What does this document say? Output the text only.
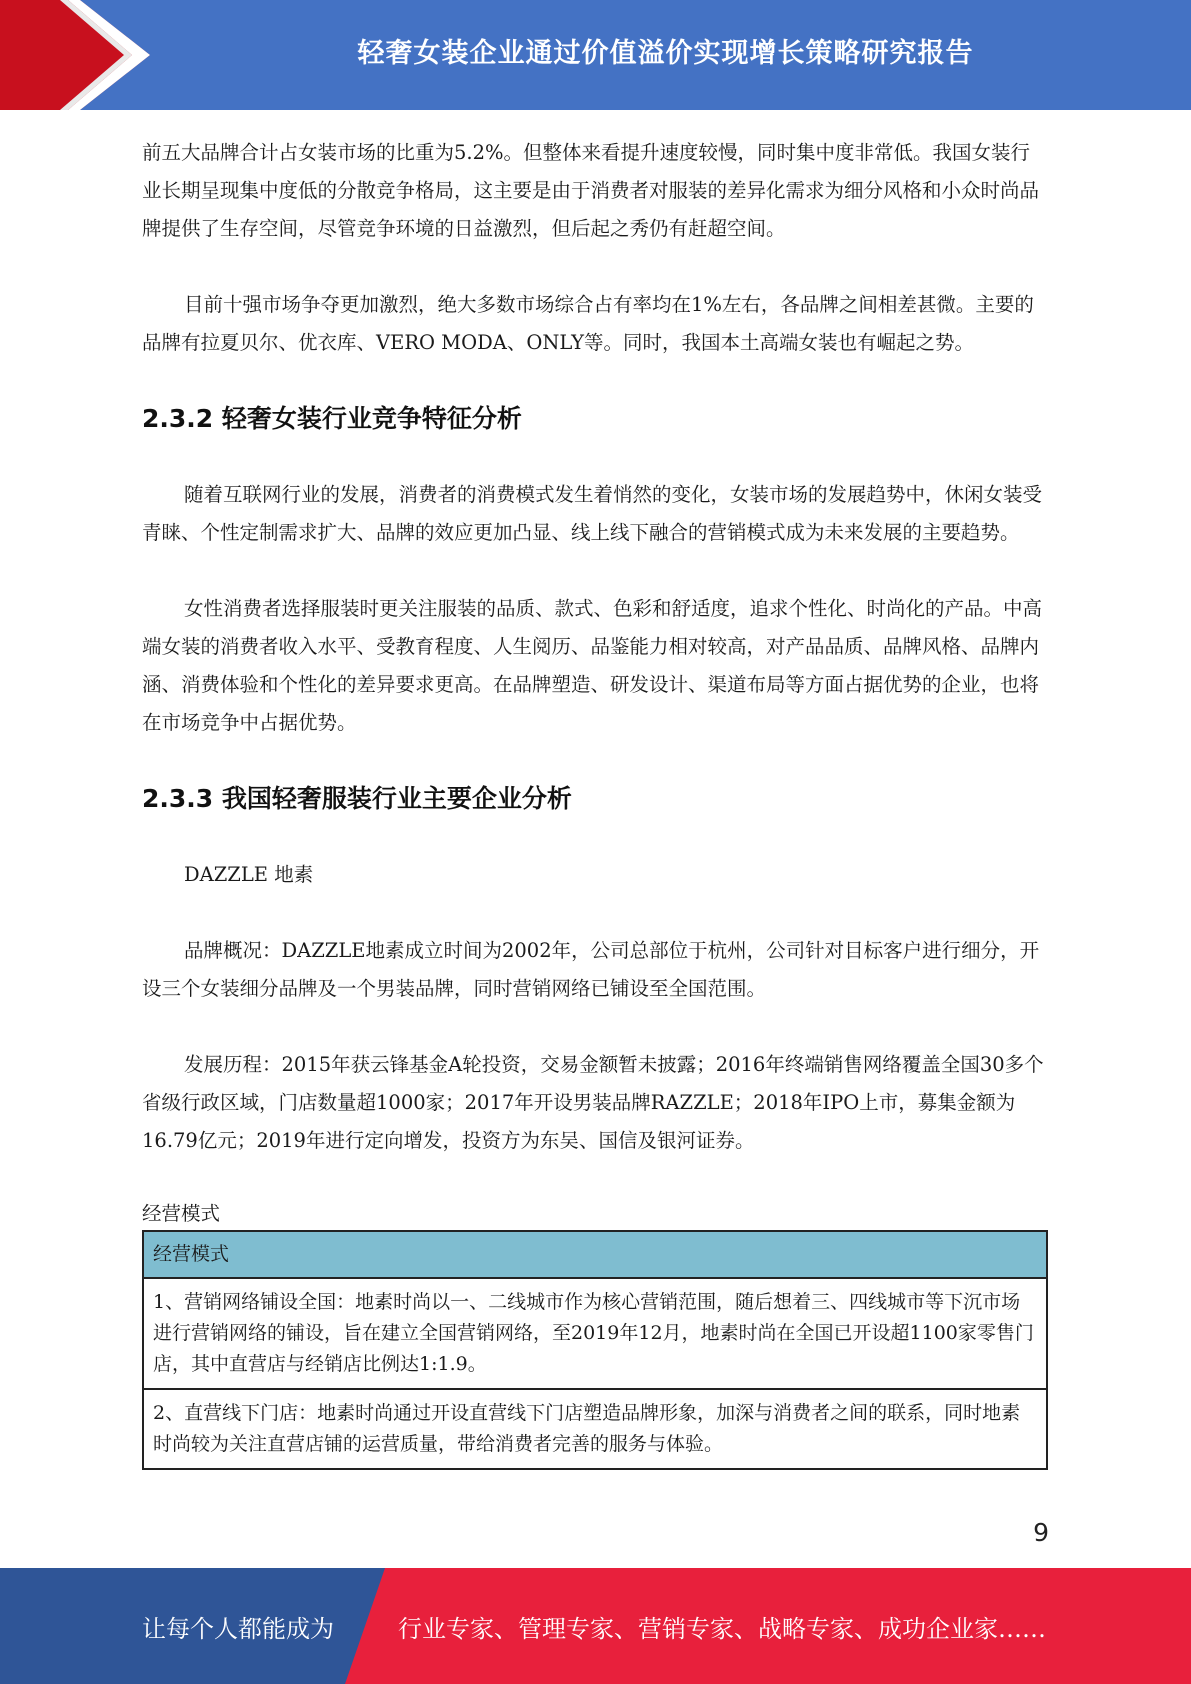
轻奢女装企业通过价值溢价实现增长策略研究报告

前五大品牌合计占女装市场的比重为5.2%。但整体来看提升速度较慢，同时集中度非常低。我国女装行业长期呈现集中度低的分散竞争格局，这主要是由于消费者对服装的差异化需求为细分风格和小众时尚品牌提供了生存空间，尽管竞争环境的日益激烈，但后起之秀仍有赶超空间。

目前十强市场争夺更加激烈，绝大多数市场综合占有率均在1%左右，各品牌之间相差甚微。主要的品牌有拉夏贝尔、优衣库、VERO MODA、ONLY等。同时，我国本土高端女装也有崛起之势。

2.3.2 轻奢女装行业竞争特征分析

随着互联网行业的发展，消费者的消费模式发生着悄然的变化，女装市场的发展趋势中，休闲女装受青睐、个性定制需求扩大、品牌的效应更加凸显、线上线下融合的营销模式成为未来发展的主要趋势。

女性消费者选择服装时更关注服装的品质、款式、色彩和舒适度，追求个性化、时尚化的产品。中高端女装的消费者收入水平、受教育程度、人生阅历、品鉴能力相对较高，对产品品质、品牌风格、品牌内涵、消费体验和个性化的差异要求更高。在品牌塑造、研发设计、渠道布局等方面占据优势的企业，也将在市场竞争中占据优势。

2.3.3 我国轻奢服装行业主要企业分析

DAZZLE 地素

品牌概况：DAZZLE地素成立时间为2002年，公司总部位于杭州，公司针对目标客户进行细分，开设三个女装细分品牌及一个男装品牌，同时营销网络已铺设至全国范围。

发展历程：2015年获云锋基金A轮投资，交易金额暂未披露；2016年终端销售网络覆盖全国30多个省级行政区域，门店数量超1000家；2017年开设男装品牌RAZZLE；2018年IPO上市，募集金额为16.79亿元；2019年进行定向增发，投资方为东吴、国信及银河证券。

经营模式
经营模式
1、营销网络铺设全国：地素时尚以一、二线城市作为核心营销范围，随后想着三、四线城市等下沉市场进行营销网络的铺设，旨在建立全国营销网络，至2019年12月，地素时尚在全国已开设超1100家零售门店，其中直营店与经销店比例达1:1.9。
2、直营线下门店：地素时尚通过开设直营线下门店塑造品牌形象，加深与消费者之间的联系，同时地素时尚较为关注直营店铺的运营质量，带给消费者完善的服务与体验。
9
让每个人都能成为	行业专家、管理专家、营销专家、战略专家、成功企业家……
